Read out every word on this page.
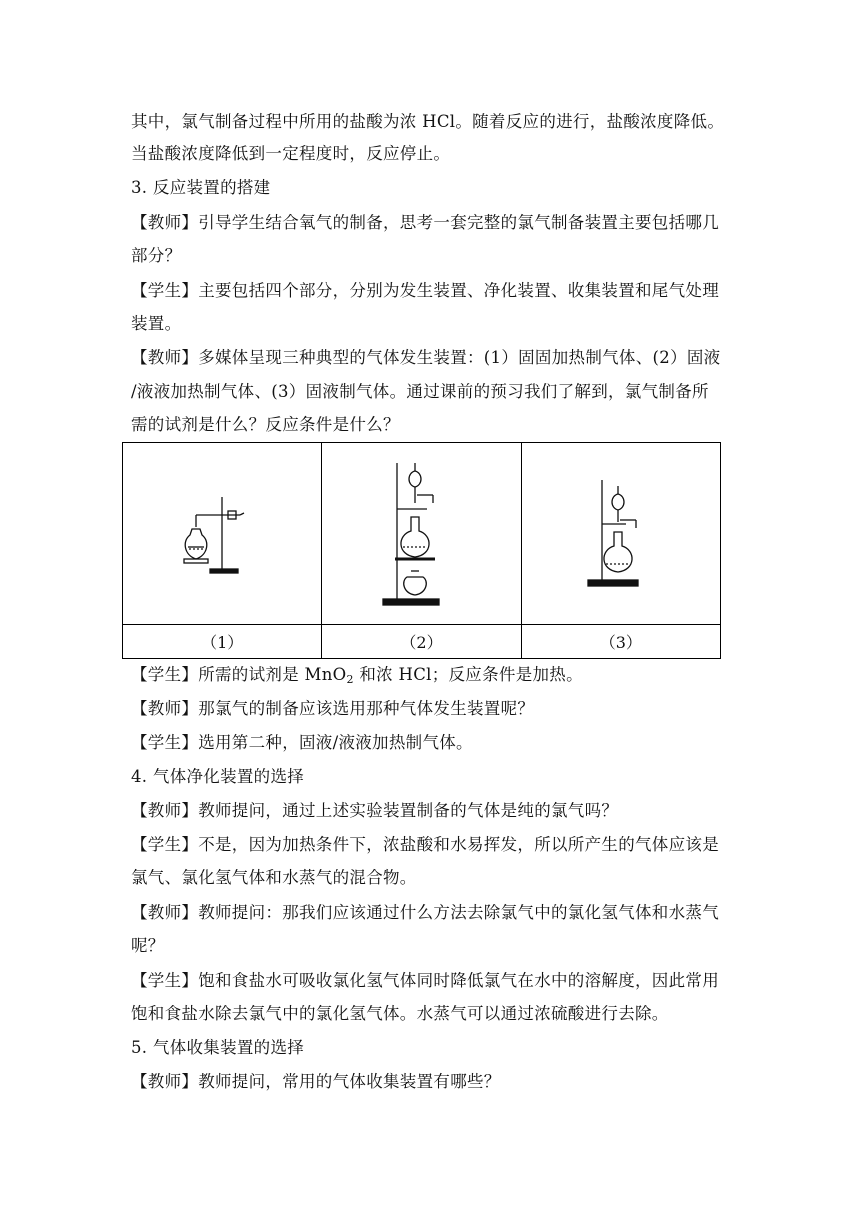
其中，氯气制备过程中所用的盐酸为浓 HCl。随着反应的进行，盐酸浓度降低。
当盐酸浓度降低到一定程度时，反应停止。
3. 反应装置的搭建
【教师】引导学生结合氧气的制备，思考一套完整的氯气制备装置主要包括哪几
部分？
【学生】主要包括四个部分，分别为发生装置、净化装置、收集装置和尾气处理
装置。
【教师】多媒体呈现三种典型的气体发生装置：(1）固固加热制气体、(2）固液
/液液加热制气体、(3）固液制气体。通过课前的预习我们了解到，氯气制备所
需的试剂是什么？反应条件是什么？

（1）	（2）	（3）
【学生】所需的试剂是 MnO$_2$ 和浓 HCl；反应条件是加热。
【教师】那氯气的制备应该选用那种气体发生装置呢？
【学生】选用第二种，固液/液液加热制气体。
4. 气体净化装置的选择
【教师】教师提问，通过上述实验装置制备的气体是纯的氯气吗？
【学生】不是，因为加热条件下，浓盐酸和水易挥发，所以所产生的气体应该是
氯气、氯化氢气体和水蒸气的混合物。
【教师】教师提问：那我们应该通过什么方法去除氯气中的氯化氢气体和水蒸气
呢？
【学生】饱和食盐水可吸收氯化氢气体同时降低氯气在水中的溶解度，因此常用
饱和食盐水除去氯气中的氯化氢气体。水蒸气可以通过浓硫酸进行去除。
5. 气体收集装置的选择
【教师】教师提问，常用的气体收集装置有哪些？
